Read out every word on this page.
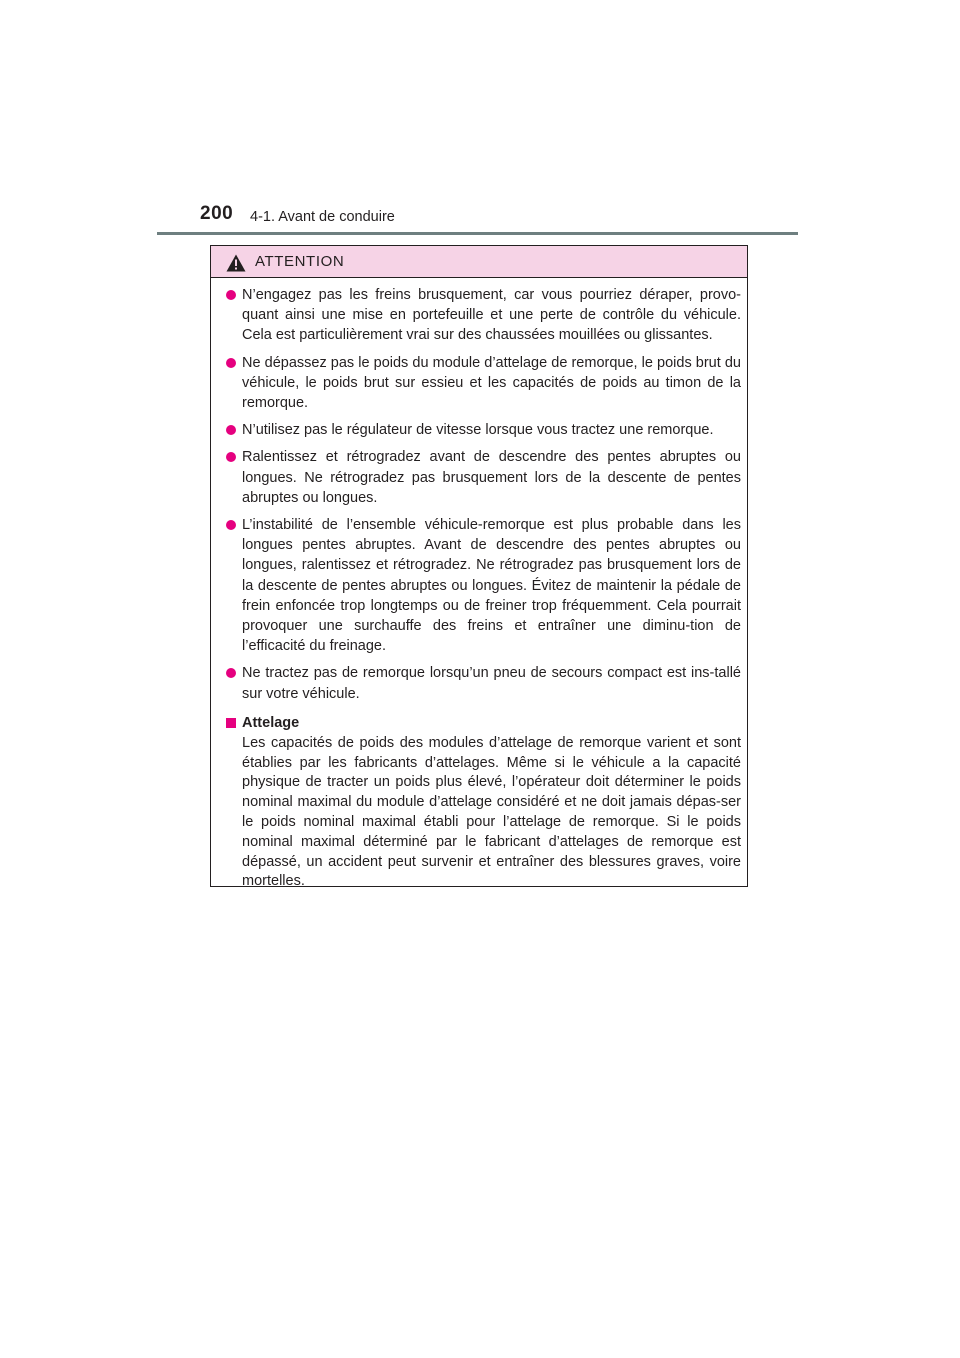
200 4-1. Avant de conduire
ATTENTION
N’engagez pas les freins brusquement, car vous pourriez déraper, provo-quant ainsi une mise en portefeuille et une perte de contrôle du véhicule. Cela est particulièrement vrai sur des chaussées mouillées ou glissantes.
Ne dépassez pas le poids du module d’attelage de remorque, le poids brut du véhicule, le poids brut sur essieu et les capacités de poids au timon de la remorque.
N’utilisez pas le régulateur de vitesse lorsque vous tractez une remorque.
Ralentissez et rétrogradez avant de descendre des pentes abruptes ou longues. Ne rétrogradez pas brusquement lors de la descente de pentes abruptes ou longues.
L’instabilité de l’ensemble véhicule-remorque est plus probable dans les longues pentes abruptes. Avant de descendre des pentes abruptes ou longues, ralentissez et rétrogradez. Ne rétrogradez pas brusquement lors de la descente de pentes abruptes ou longues. Évitez de maintenir la pédale de frein enfoncée trop longtemps ou de freiner trop fréquemment. Cela pourrait provoquer une surchauffe des freins et entraîner une diminu-tion de l’efficacité du freinage.
Ne tractez pas de remorque lorsqu’un pneu de secours compact est ins-tallé sur votre véhicule.
Attelage
Les capacités de poids des modules d’attelage de remorque varient et sont établies par les fabricants d’attelages. Même si le véhicule a la capacité physique de tracter un poids plus élevé, l’opérateur doit déterminer le poids nominal maximal du module d’attelage considéré et ne doit jamais dépas-ser le poids nominal maximal établi pour l’attelage de remorque. Si le poids nominal maximal déterminé par le fabricant d’attelages de remorque est dépassé, un accident peut survenir et entraîner des blessures graves, voire mortelles.
